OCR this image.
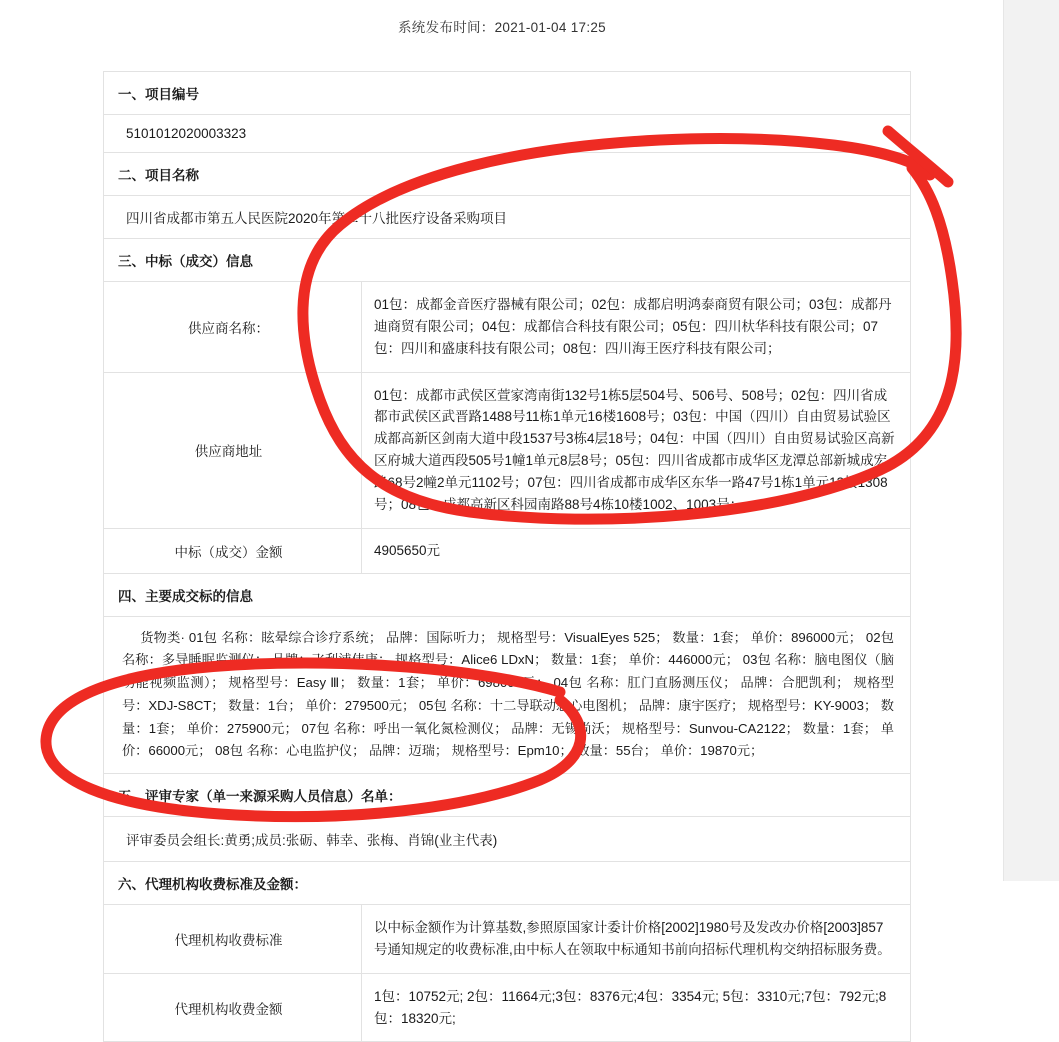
系统发布时间：2021-01-04 17:25
一、项目编号
5101012020003323
二、项目名称
四川省成都市第五人民医院2020年第二十八批医疗设备采购项目
三、中标（成交）信息
供应商名称：
01包：成都金音医疗器械有限公司；02包：成都启明鸿泰商贸有限公司；03包：成都丹迪商贸有限公司；04包：成都信合科技有限公司；05包：四川杕华科技有限公司；07包：四川和盛康科技有限公司；08包：四川海王医疗科技有限公司；
供应商地址
01包：成都市武侯区萱家湾南街132号1栋5层504号、506号、508号；02包：四川省成都市武侯区武晋路1488号11栋1单元16楼1608号；03包：中国（四川）自由贸易试验区成都高新区剑南大道中段1537号3栋4层18号；04包：中国（四川）自由贸易试验区高新区府城大道西段505号1幢1单元8层8号；05包：四川省成都市成华区龙潭总部新城成宏路68号2幢2单元1102号；07包：四川省成都市成华区东华一路47号1栋1单元13楼1308号；08包：成都高新区科园南路88号4栋10楼1002、1003号；
中标（成交）金额	4905650元
四、主要成交标的信息
货物类· 01包 名称：眩晕综合诊疗系统； 品牌：国际听力； 规格型号：VisualEyes 525； 数量：1套； 单价：896000元； 02包 名称：多导睡眠监测仪； 品牌：飞利浦伟康； 规格型号：Alice6 LDxN； 数量：1套； 单价：446000元； 03包 名称：脑电图仪（脑功能视频监测）； 规格型号：Easy Ⅲ； 数量：1套； 单价：698000元； 04包 名称：肛门直肠测压仪； 品牌：合肥凯利； 规格型号：XDJ-S8CT； 数量：1台； 单价：279500元； 05包 名称：十二导联动态心电图机； 品牌：康宇医疗； 规格型号：KY-9003； 数量：1套； 单价：275900元； 07包 名称：呼出一氧化氮检测仪； 品牌：无锡尚沃； 规格型号：Sunvou-CA2122； 数量：1套； 单价：66000元； 08包 名称：心电监护仪； 品牌：迈瑞； 规格型号：Epm10； 数量：55台； 单价：19870元；
五、评审专家（单一来源采购人员信息）名单：
评审委员会组长:黄勇;成员:张砺、韩幸、张梅、肖锦(业主代表)
六、代理机构收费标准及金额：
代理机构收费标准
以中标金额作为计算基数,参照原国家计委计价格[2002]1980号及发改办价格[2003]857号通知规定的收费标准,由中标人在领取中标通知书前向招标代理机构交纳招标服务费。
代理机构收费金额
1包：10752元; 2包：11664元;3包：8376元;4包：3354元; 5包：3310元;7包：792元;8包：18320元;
